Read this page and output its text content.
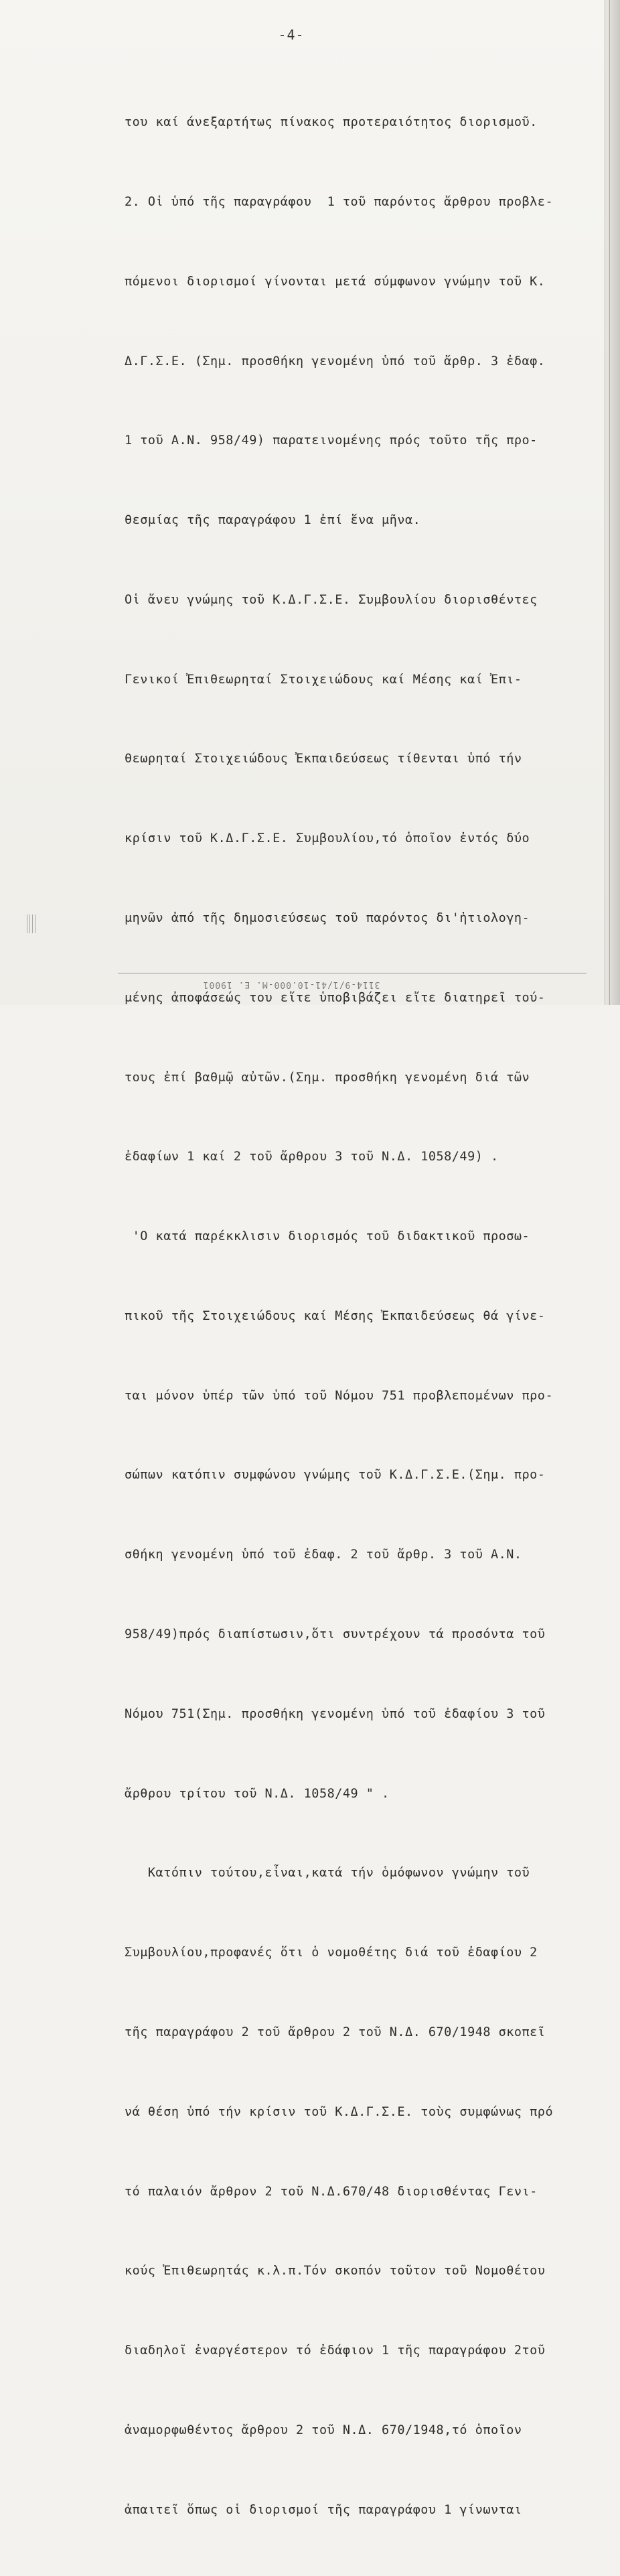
-4-

του καί άνεξαρτήτως πίνακος προτεραιότητος διορισμοῦ.

2. Οἱ ὑπό τῆς παραγράφου  1 τοῦ παρόντος ἄρθρου προβλε-

πόμενοι διορισμοί γίνονται μετά σύμφωνον γνώμην τοῦ Κ.

Δ.Γ.Σ.Ε. (Σημ. προσθήκη γενομένη ὑπό τοῦ ἄρθρ. 3 ἐδαφ.

1 τοῦ Α.Ν. 958/49) παρατεινομένης πρός τοῦτο τῆς προ-

θεσμίας τῆς παραγράφου 1 ἐπί ἕνα μῆνα.

Οἱ ἄνευ γνώμης τοῦ Κ.Δ.Γ.Σ.Ε. Συμβουλίου διορισθέντες

Γενικοί Ἐπιθεωρηταί Στοιχειώδους καί Μέσης καί Ἐπι-

θεωρηταί Στοιχειώδους Ἐκπαιδεύσεως τίθενται ὑπό τήν

κρίσιν τοῦ Κ.Δ.Γ.Σ.Ε. Συμβουλίου,τό ὁποῖον ἐντός δύο

μηνῶν ἀπό τῆς δημοσιεύσεως τοῦ παρόντος δι'ἠτιολογη-

μένης ἀποφάσεώς του εἴτε ὑποβιβάζει εἴτε διατηρεῖ τού-

τους ἐπί βαθμῷ αὐτῶν.(Σημ. προσθήκη γενομένη διά τῶν

ἐδαφίων 1 καί 2 τοῦ ἄρθρου 3 τοῦ Ν.Δ. 1058/49) .

'Ο κατά παρέκκλισιν διορισμός τοῦ διδακτικοῦ προσω-

πικοῦ τῆς Στοιχειώδους καί Μέσης Ἐκπαιδεύσεως θά γίνε-

ται μόνον ὑπέρ τῶν ὑπό τοῦ Νόμου 751 προβλεπομένων προ-

σώπων κατόπιν συμφώνου γνώμης τοῦ Κ.Δ.Γ.Σ.Ε.(Σημ. προ-

σθήκη γενομένη ὑπό τοῦ ἐδαφ. 2 τοῦ ἄρθρ. 3 τοῦ Α.Ν.

958/49)πρός διαπίστωσιν,ὅτι συντρέχουν τά προσόντα τοῦ

Νόμου 751(Σημ. προσθήκη γενομένη ὑπό τοῦ ἐδαφίου 3 τοῦ

ἄρθρου τρίτου τοῦ Ν.Δ. 1058/49 " .

Κατόπιν τούτου,εἶναι,κατά τήν ὁμόφωνον γνώμην τοῦ

Συμβουλίου,προφανές ὅτι ὁ νομοθέτης διά τοῦ ἐδαφίου 2

τῆς παραγράφου 2 τοῦ ἄρθρου 2 τοῦ Ν.Δ. 670/1948 σκοπεῖ

νά θέση ὑπό τήν κρίσιν τοῦ Κ.Δ.Γ.Σ.Ε. τοὺς συμφώνως πρό

τό παλαιόν ἄρθρον 2 τοῦ Ν.Δ.670/48 διορισθέντας Γενι-

κούς Ἐπιθεωρητάς κ.λ.π.Τόν σκοπόν τοῦτον τοῦ Νομοθέτου

διαδηλοῖ ἐναργέστερον τό ἐδάφιον 1 τῆς παραγράφου 2τοῦ

ἀναμορφωθέντος ἄρθρου 2 τοῦ Ν.Δ. 670/1948,τό ὁποῖον

ἀπαιτεῖ ὅπως οἱ διορισμοί τῆς παραγράφου 1 γίνωνται

3114-9/1/41-10.000-Μ. Ε. 19001
